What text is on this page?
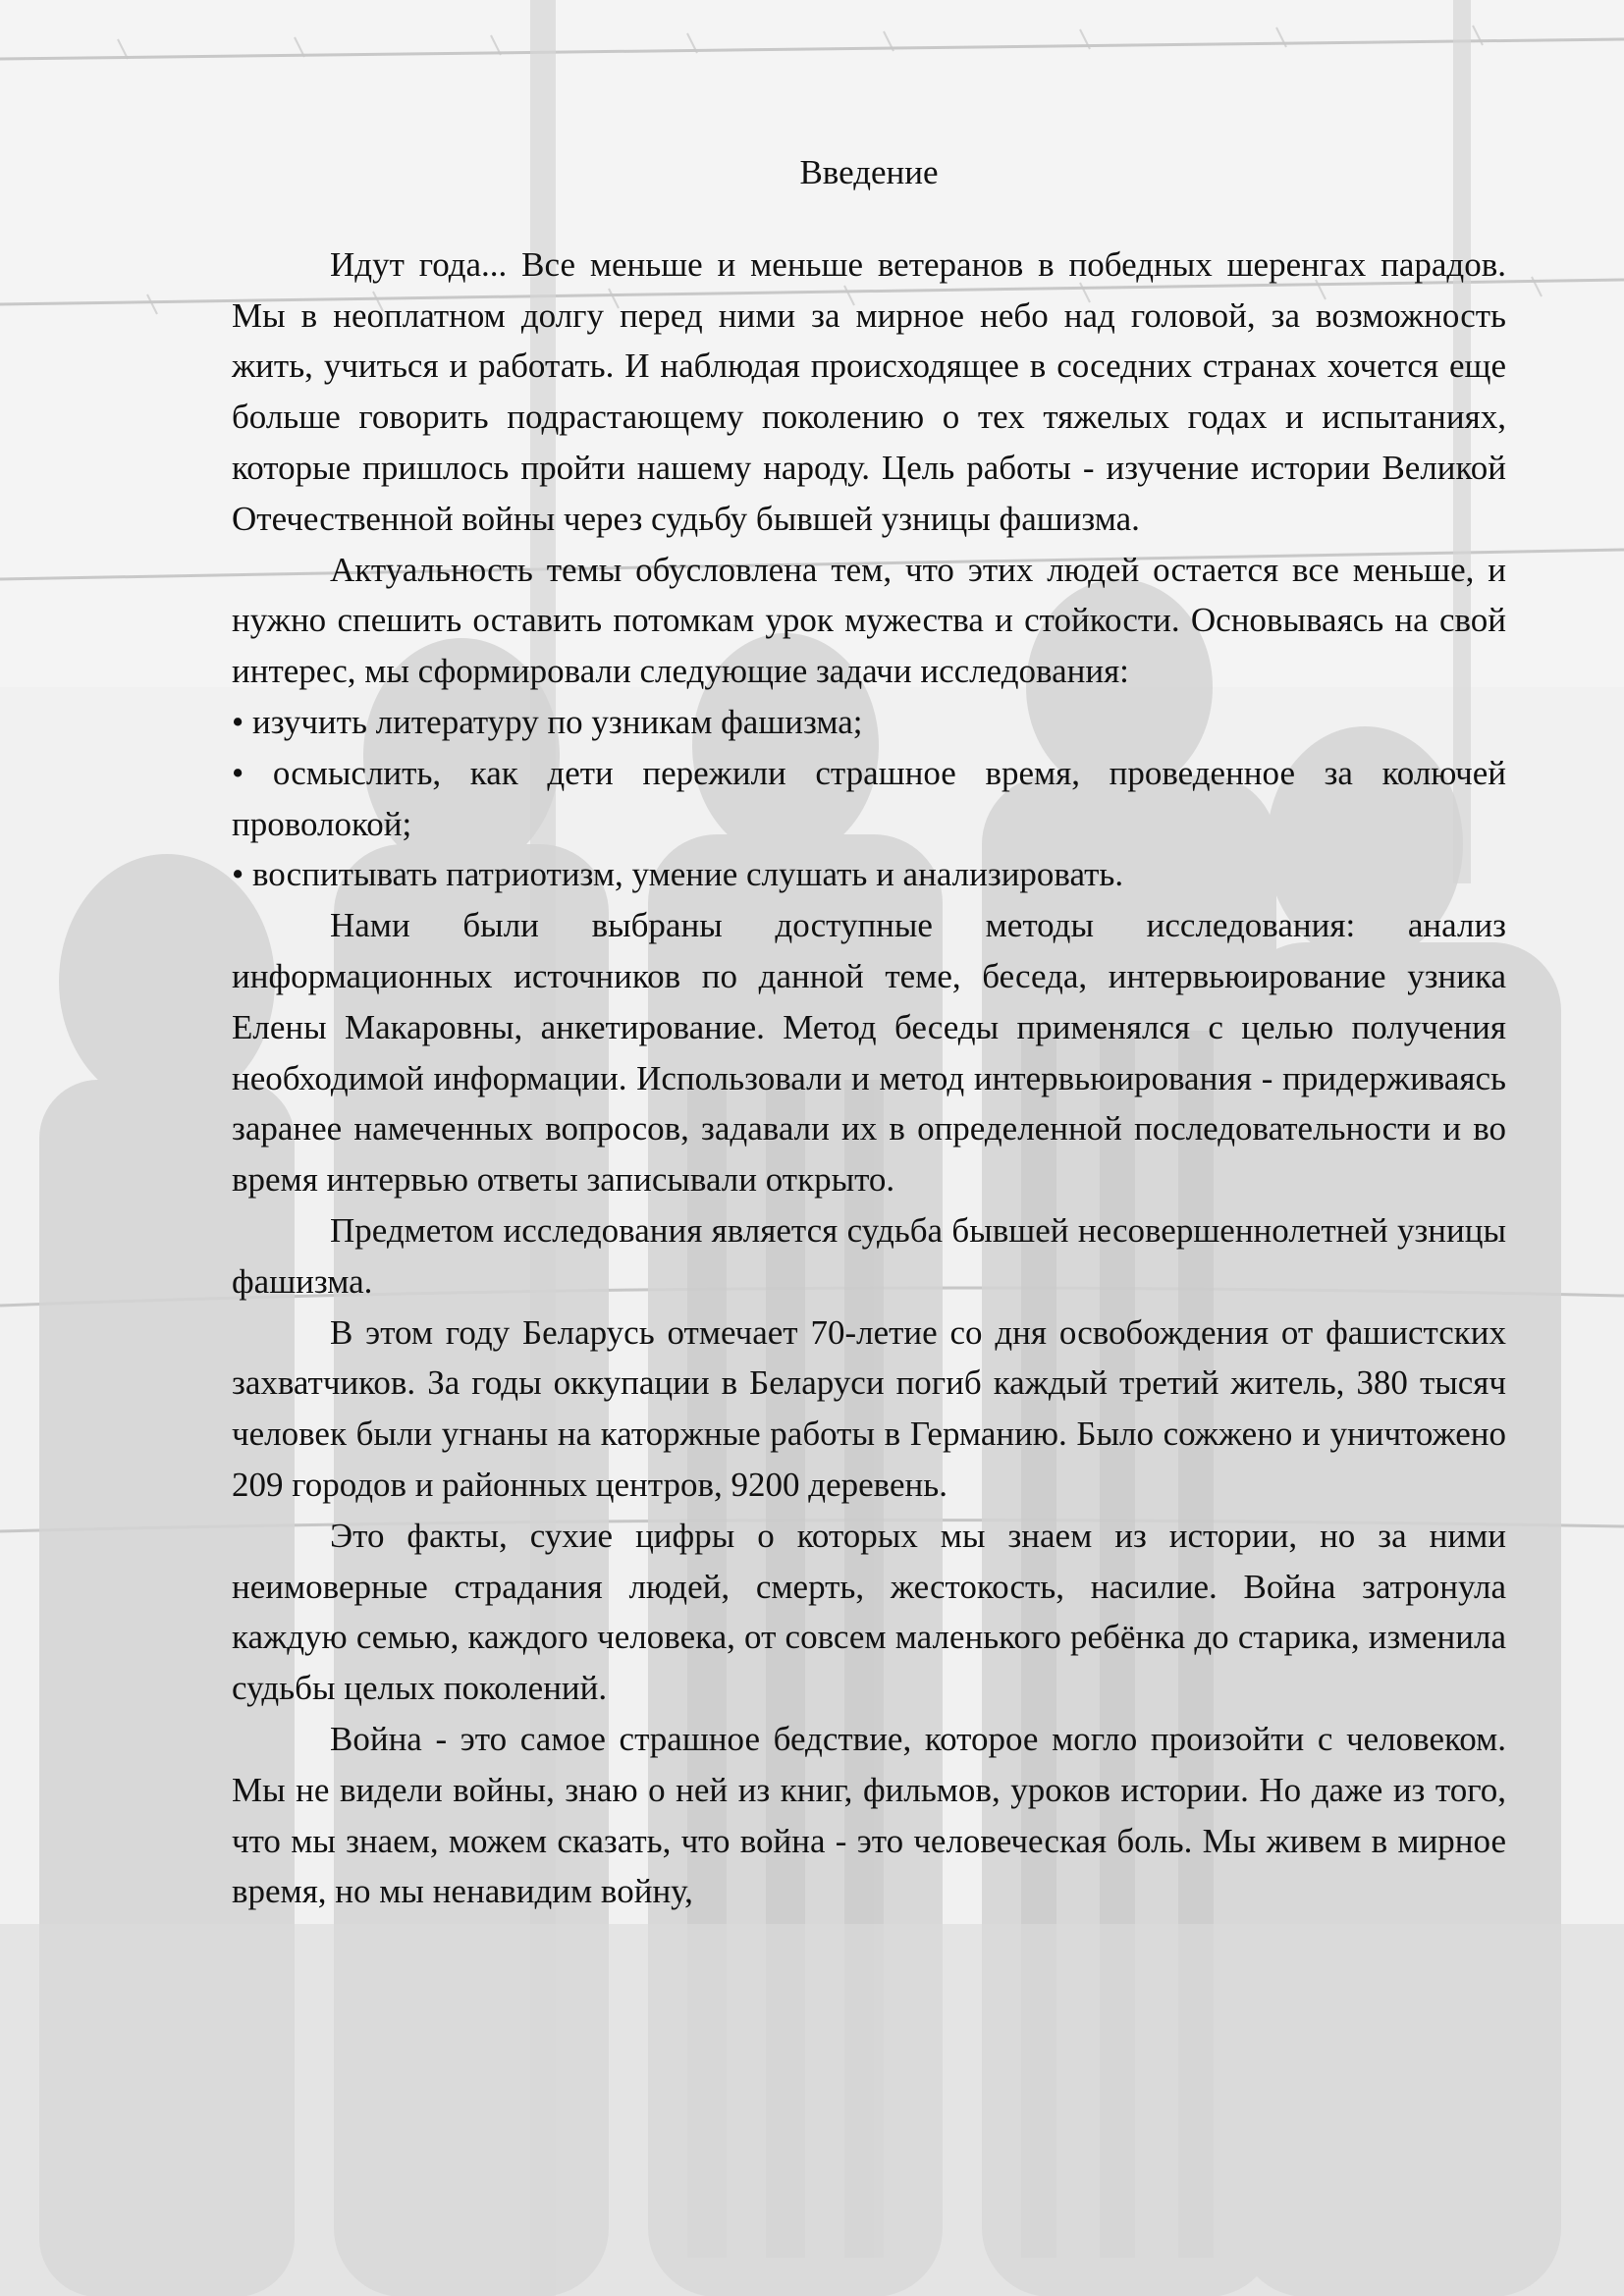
Введение

Идут года... Все меньше и меньше ветеранов в победных шеренгах парадов. Мы в неоплатном долгу перед ними за мирное небо над головой, за возможность жить, учиться и работать. И наблюдая происходящее в соседних странах хочется еще больше говорить подрастающему поколению о тех тяжелых годах и испытаниях, которые пришлось пройти нашему народу. Цель работы - изучение истории Великой Отечественной войны через судьбу бывшей узницы фашизма.

Актуальность темы обусловлена тем, что этих людей остается все меньше, и нужно спешить оставить потомкам урок мужества и стойкости. Основываясь на свой интерес, мы сформировали следующие задачи исследования:

• изучить литературу по узникам фашизма;

• осмыслить, как дети пережили страшное время, проведенное за колючей проволокой;

• воспитывать патриотизм, умение слушать и анализировать.

Нами были выбраны доступные методы исследования: анализ информационных источников по данной теме, беседа, интервьюирование узника Елены Макаровны, анкетирование. Метод беседы применялся с целью получения необходимой информации. Использовали и метод интервьюирования - придерживаясь заранее намеченных вопросов, задавали их в определенной последовательности и во время интервью ответы записывали открыто.

Предметом исследования является судьба бывшей несовершеннолетней узницы фашизма.

В этом году Беларусь отмечает 70-летие со дня освобождения от фашистских захватчиков. За годы оккупации в Беларуси погиб каждый третий житель, 380 тысяч человек были угнаны на каторжные работы в Германию. Было сожжено и уничтожено 209 городов и районных центров, 9200 деревень.

Это факты, сухие цифры о которых мы знаем из истории, но за ними неимоверные страдания людей, смерть, жестокость, насилие. Война затронула каждую семью, каждого человека, от совсем маленького ребёнка до старика, изменила судьбы целых поколений.

Война - это самое страшное бедствие, которое могло произойти с человеком. Мы не видели войны, знаю о ней из книг, фильмов, уроков истории. Но даже из того, что мы знаем, можем сказать, что война - это человеческая боль. Мы живем в мирное время, но мы ненавидим войну,
